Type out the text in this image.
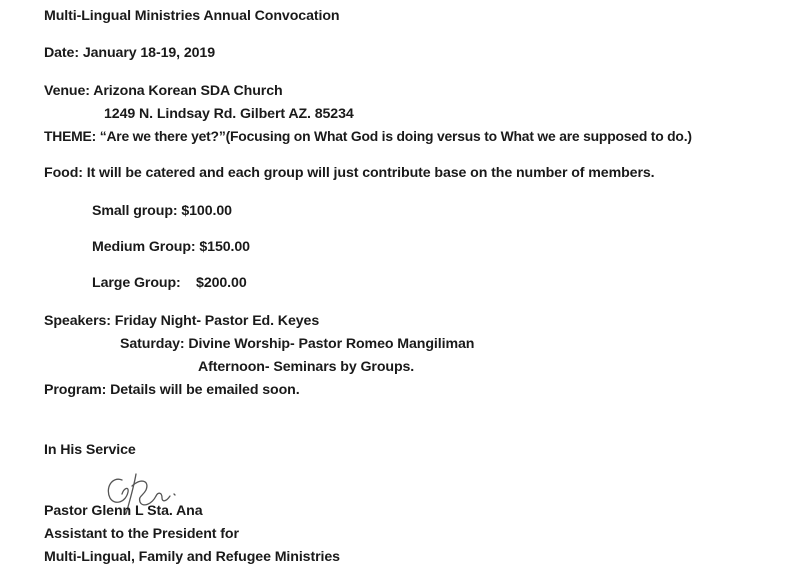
Multi-Lingual Ministries Annual Convocation
Date: January 18-19, 2019
Venue: Arizona Korean SDA Church
1249 N. Lindsay Rd. Gilbert AZ. 85234
THEME: “Are we there yet?”(Focusing on What God is doing versus to What we are supposed to do.)
Food: It will be catered and each group will just contribute base on the number of members.
Small group: $100.00
Medium Group: $150.00
Large Group:    $200.00
Speakers: Friday Night- Pastor Ed. Keyes
Saturday: Divine Worship- Pastor Romeo Mangiliman
Afternoon- Seminars by Groups.
Program: Details will be emailed soon.
In His Service
Pastor Glenn L Sta. Ana
Assistant to the President for
Multi-Lingual, Family and Refugee Ministries
